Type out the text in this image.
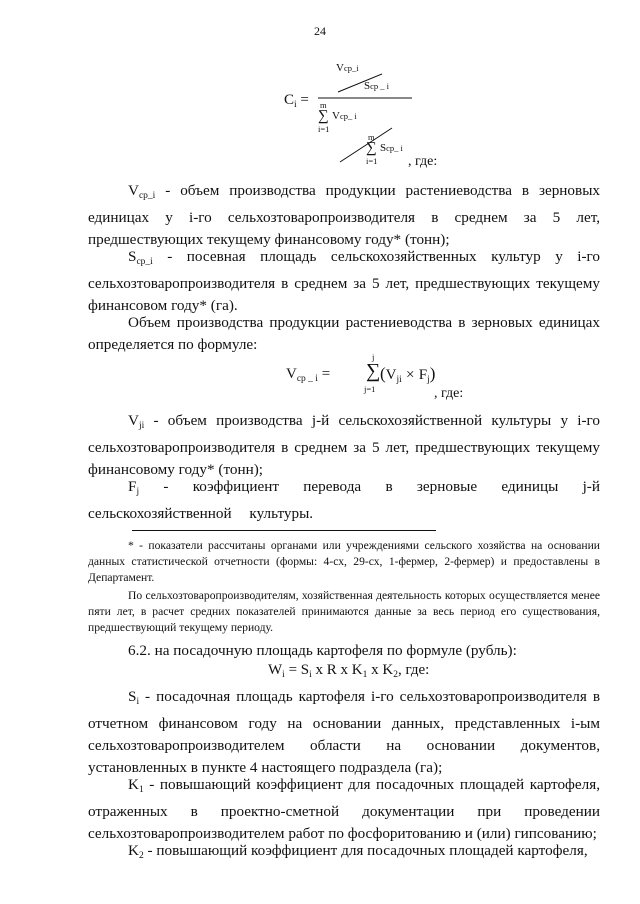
24
$C_i$ =
Vcp_i
Scp _ i
m
∑
i=1
Vcp_ i
m
∑
i=1
Scp_ i
, где:
$V_{cp\_i}$ - объем производства продукции растениеводства в зерновых единицах у i-го сельхозтоваропроизводителя в среднем за 5 лет, предшествующих текущему финансовому году* (тонн);
$S_{cp\_i}$ - посевная площадь сельскохозяйственных культур у i-го сельхозтоваропроизводителя в среднем за 5 лет, предшествующих текущему финансовом году* (га).
Объем производства продукции растениеводства в зерновых единицах определяется по формуле:
$V_{cp \_ i}$ =
j
∑
j=1
$(V_{ji} \times F_j)$
, где:
$V_{ji}$ - объем производства j-й сельскохозяйственной культуры у i-го сельхозтоваропроизводителя в среднем за 5 лет, предшествующих текущему финансовому году* (тонн);
$F_j$ - коэффициент перевода в зерновые единицы j-й сельскохозяйственной культуры.
* - показатели рассчитаны органами или учреждениями сельского хозяйства на основании данных статистической отчетности (формы: 4-сх, 29-сх, 1-фермер, 2-фермер) и предоставлены в Департамент.
По сельхозтоваропроизводителям, хозяйственная деятельность которых осуществляется менее пяти лет, в расчет средних показателей принимаются данные за весь период его существования, предшествующий текущему периоду.
6.2. на посадочную площадь картофеля по формуле (рубль):
$W_i = S_i$ x R x $K_1$ x $K_2$, где:
$S_i$ - посадочная площадь картофеля i-го сельхозтоваропроизводителя в отчетном финансовом году на основании данных, представленных i-ым сельхозтоваропроизводителем области на основании документов, установленных в пункте 4 настоящего подраздела (га);
$K_1$ - повышающий коэффициент для посадочных площадей картофеля, отраженных в проектно-сметной документации при проведении сельхозтоваропроизводителем работ по фосфоритованию и (или) гипсованию;
$K_2$ - повышающий коэффициент для посадочных площадей картофеля,
